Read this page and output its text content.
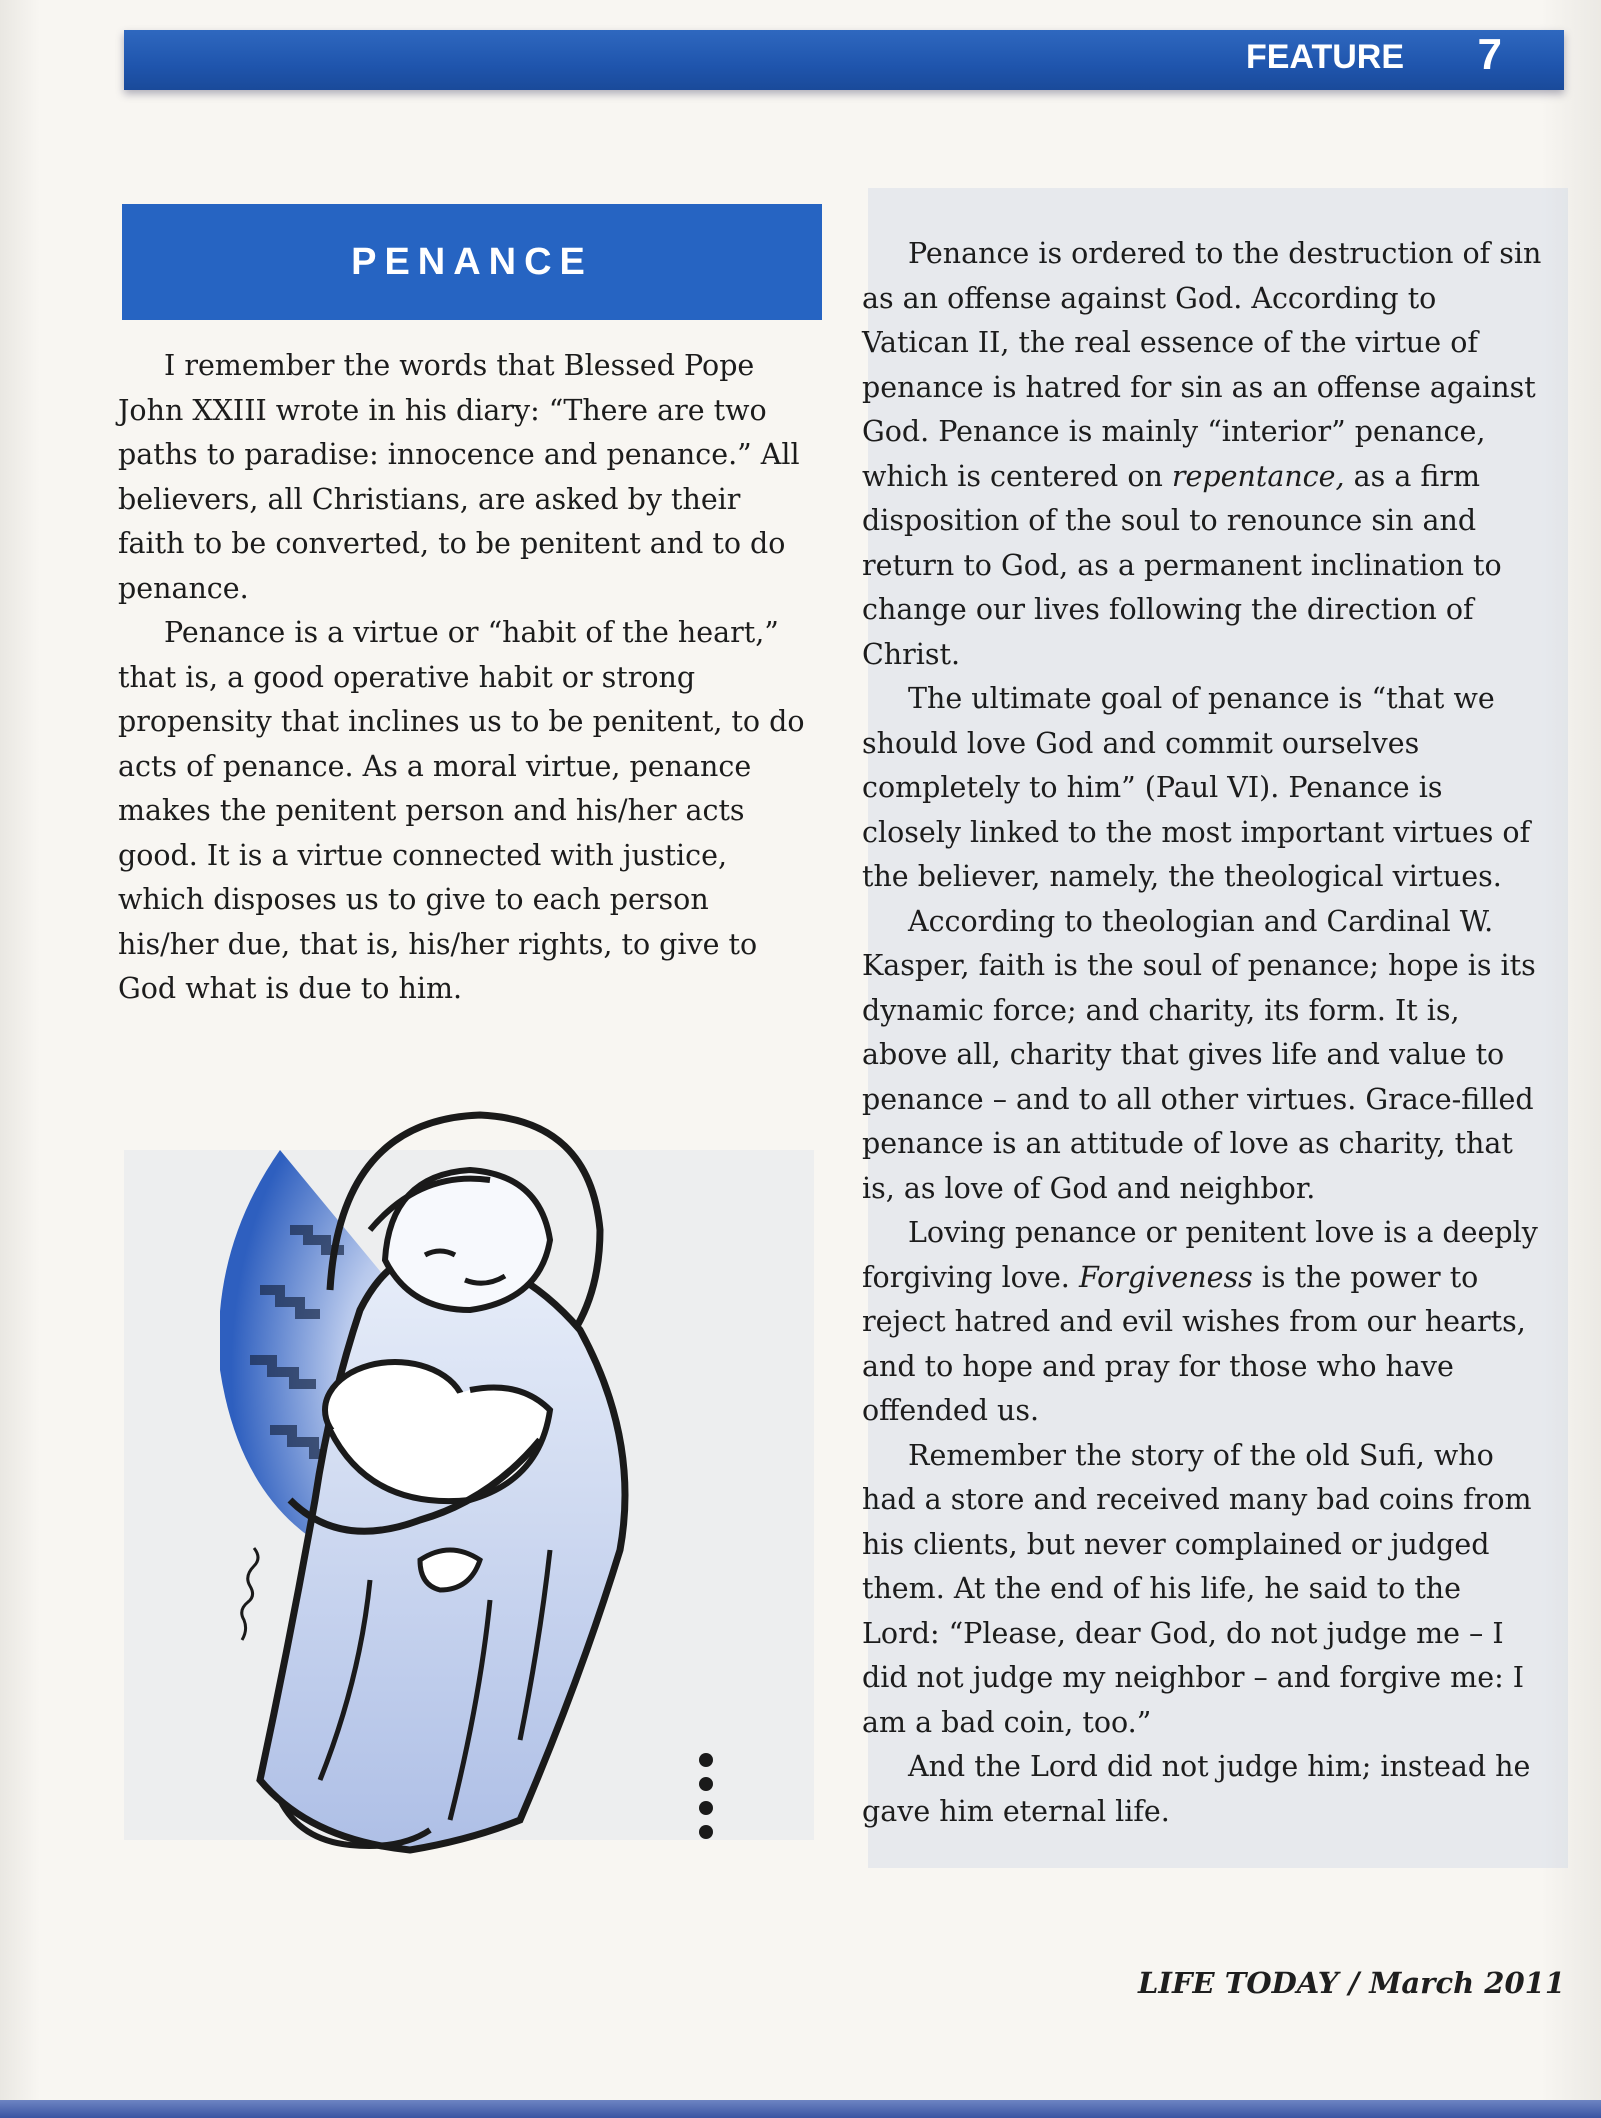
FEATURE 7
PENANCE

I remember the words that Blessed Pope John XXIII wrote in his diary: “There are two paths to paradise: innocence and penance.” All believers, all Christians, are asked by their faith to be converted, to be penitent and to do penance.

Penance is a virtue or “habit of the heart,” that is, a good operative habit or strong propensity that inclines us to be penitent, to do acts of penance. As a moral virtue, penance makes the penitent person and his/her acts good. It is a virtue connected with justice, which disposes us to give to each person his/her due, that is, his/her rights, to give to God what is due to him.

Penance is ordered to the destruction of sin as an offense against God. According to Vatican II, the real essence of the virtue of penance is hatred for sin as an offense against God. Penance is mainly “interior” penance, which is centered on repentance, as a firm disposition of the soul to renounce sin and return to God, as a permanent inclination to change our lives following the direction of Christ.

The ultimate goal of penance is “that we should love God and commit ourselves completely to him” (Paul VI). Penance is closely linked to the most important virtues of the believer, namely, the theological virtues.

According to theologian and Cardinal W. Kasper, faith is the soul of penance; hope is its dynamic force; and charity, its form. It is, above all, charity that gives life and value to penance – and to all other virtues. Grace-filled penance is an attitude of love as charity, that is, as love of God and neighbor.

Loving penance or penitent love is a deeply forgiving love. Forgiveness is the power to reject hatred and evil wishes from our hearts, and to hope and pray for those who have offended us.

Remember the story of the old Sufi, who had a store and received many bad coins from his clients, but never complained or judged them. At the end of his life, he said to the Lord: “Please, dear God, do not judge me – I did not judge my neighbor – and forgive me: I am a bad coin, too.”

And the Lord did not judge him; instead he gave him eternal life.

LIFE TODAY / March 2011
